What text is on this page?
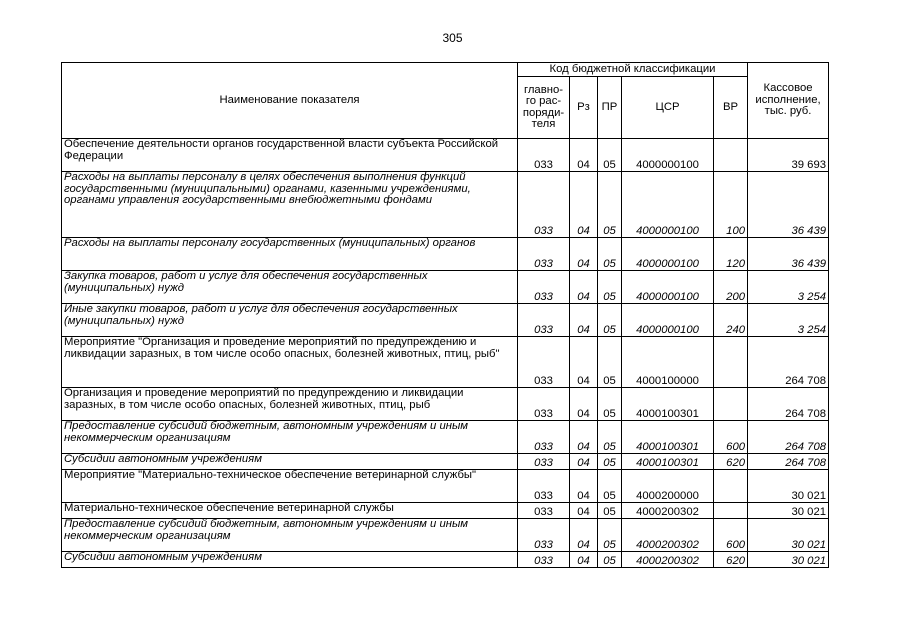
305
Наименование показателя	Код бюджетной классификации					Кассовое исполнение, тыс. руб.
	главно-го рас-поряди-теля	Рз	ПР	ЦСР	ВР	
Обеспечение деятельности органов государственной власти субъекта Российской Федерации	033	04	05	4000000100		39 693
Расходы на выплаты персоналу в целях обеспечения выполнения функций государственными (муниципальными) органами, казенными учреждениями, органами управления государственными внебюджетными фондами	033	04	05	4000000100	100	36 439
Расходы на выплаты персоналу государственных (муниципальных) органов	033	04	05	4000000100	120	36 439
Закупка товаров, работ и услуг для обеспечения государственных (муниципальных) нужд	033	04	05	4000000100	200	3 254
Иные закупки товаров, работ и услуг для обеспечения государственных (муниципальных) нужд	033	04	05	4000000100	240	3 254
Мероприятие "Организация и проведение мероприятий по предупреждению и ликвидации заразных, в том числе особо опасных, болезней животных, птиц, рыб"	033	04	05	4000100000		264 708
Организация и проведение мероприятий по предупреждению и ликвидации заразных, в том числе особо опасных, болезней животных, птиц, рыб	033	04	05	4000100301		264 708
Предоставление субсидий бюджетным, автономным учреждениям и иным некоммерческим организациям	033	04	05	4000100301	600	264 708
Субсидии автономным учреждениям	033	04	05	4000100301	620	264 708
Мероприятие "Материально-техническое обеспечение ветеринарной службы"	033	04	05	4000200000		30 021
Материально-техническое обеспечение ветеринарной службы	033	04	05	4000200302		30 021
Предоставление субсидий бюджетным, автономным учреждениям и иным некоммерческим организациям	033	04	05	4000200302	600	30 021
Субсидии автономным учреждениям	033	04	05	4000200302	620	30 021
